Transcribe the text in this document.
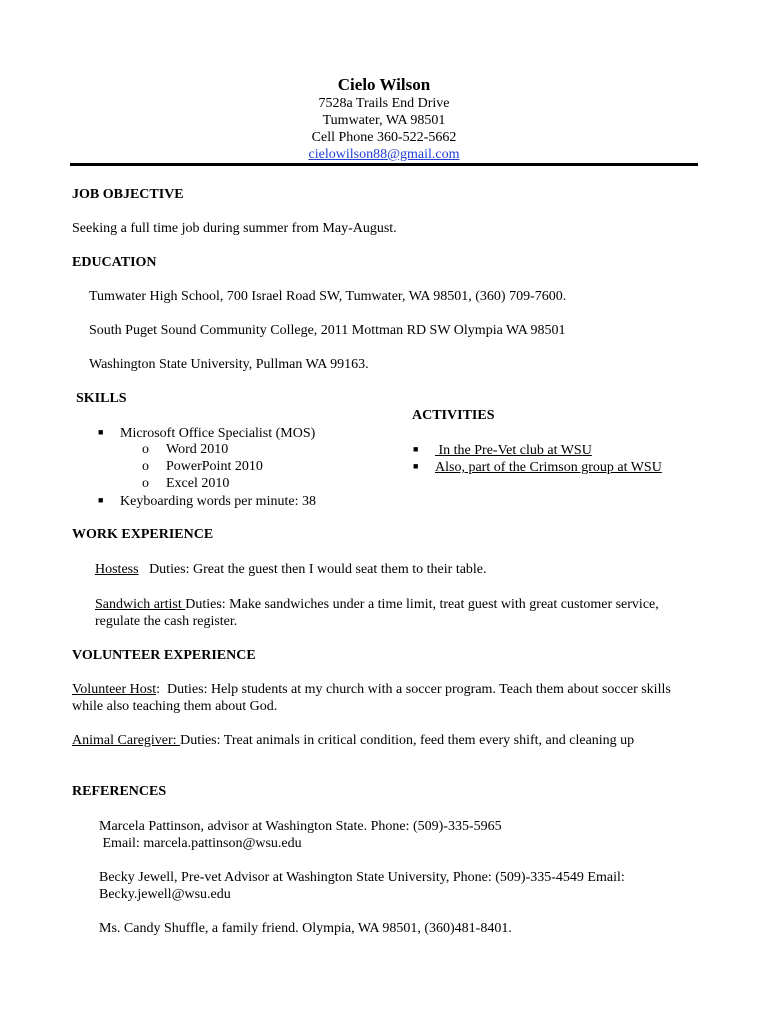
Cielo Wilson
7528a Trails End Drive
Tumwater, WA 98501
Cell Phone 360-522-5662
cielowilson88@gmail.com
JOB OBJECTIVE
Seeking a full time job during summer from May-August.
EDUCATION
Tumwater High School, 700 Israel Road SW, Tumwater, WA 98501, (360) 709-7600.
South Puget Sound Community College, 2011 Mottman RD SW Olympia WA 98501
Washington State University, Pullman WA 99163.
SKILLS
■ Microsoft Office Specialist (MOS)
o Word 2010
o PowerPoint 2010
o Excel 2010
■ Keyboarding words per minute: 38
ACTIVITIES
■ In the Pre-Vet club at WSU
■ Also, part of the Crimson group at WSU
WORK EXPERIENCE
Hostess   Duties: Great the guest then I would seat them to their table.
Sandwich artist Duties: Make sandwiches under a time limit, treat guest with great customer service,
regulate the cash register.
VOLUNTEER EXPERIENCE
Volunteer Host:  Duties: Help students at my church with a soccer program. Teach them about soccer skills
while also teaching them about God.
Animal Caregiver: Duties: Treat animals in critical condition, feed them every shift, and cleaning up
REFERENCES
Marcela Pattinson, advisor at Washington State. Phone: (509)-335-5965
Email: marcela.pattinson@wsu.edu
Becky Jewell, Pre-vet Advisor at Washington State University, Phone: (509)-335-4549 Email:
Becky.jewell@wsu.edu
Ms. Candy Shuffle, a family friend. Olympia, WA 98501, (360)481-8401.
